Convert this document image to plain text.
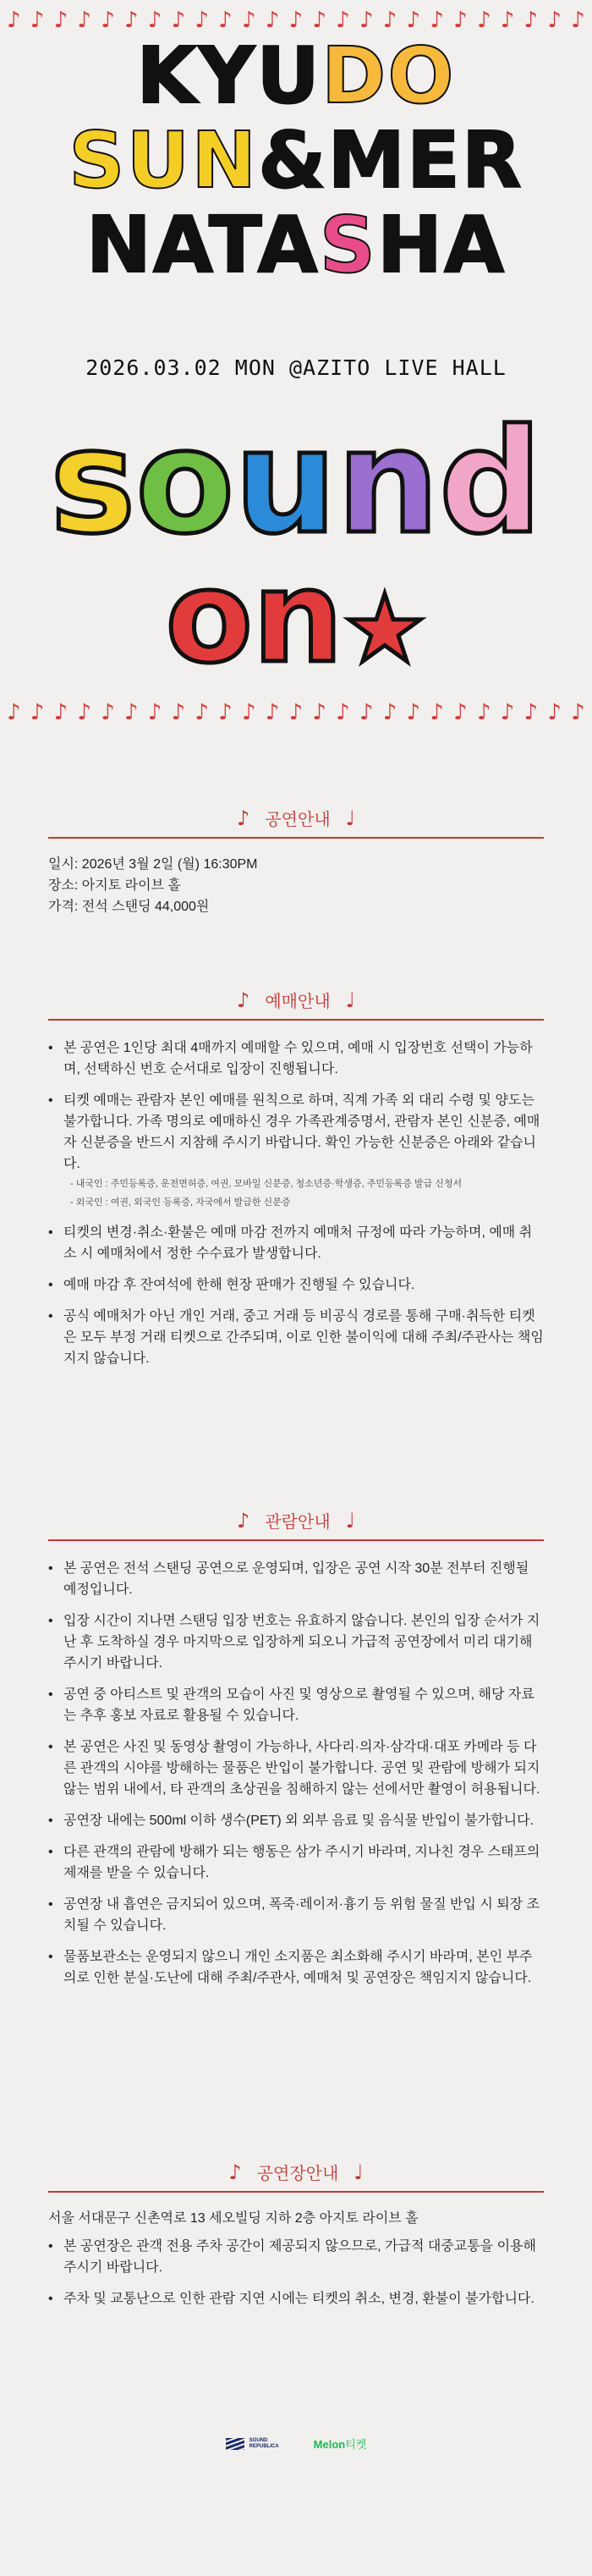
♪ ♪ ♪ ♪ ♪ ♪ ♪ ♪ ♪ ♪ ♪ ♪ ♪ ♪ ♪ ♪ ♪ ♪ ♪ ♪ ♪ ♪ ♪ ♪ ♪
KYUDO
SUN&MER
NATASHA
2026.03.02 MON @AZITO LIVE HALL
sound
on★
♪ ♪ ♪ ♪ ♪ ♪ ♪ ♪ ♪ ♪ ♪ ♪ ♪ ♪ ♪ ♪ ♪ ♪ ♪ ♪ ♪ ♪ ♪ ♪ ♪
♪ 공연안내 ♩

일시: 2026년 3월 2일 (월) 16:30PM

장소: 아지토 라이브 홀

가격: 전석 스탠딩 44,000원

♪ 예매안내 ♩
• 본 공연은 1인당 최대 4매까지 예매할 수 있으며, 예매 시 입장번호 선택이 가능하며, 선택하신 번호 순서대로 입장이 진행됩니다.
• 티켓 예매는 관람자 본인 예매를 원칙으로 하며, 직계 가족 외 대리 수령 및 양도는 불가합니다. 가족 명의로 예매하신 경우 가족관계증명서, 관람자 본인 신분증, 예매자 신분증을 반드시 지참해 주시기 바랍니다. 확인 가능한 신분증은 아래와 같습니다.
- 내국인 : 주민등록증, 운전면허증, 여권, 모바일 신분증, 청소년증·학생증, 주민등록증 발급 신청서
- 외국인 : 여권, 외국인 등록증, 자국에서 발급한 신분증
• 티켓의 변경·취소·환불은 예매 마감 전까지 예매처 규정에 따라 가능하며, 예매 취소 시 예매처에서 정한 수수료가 발생합니다.
• 예매 마감 후 잔여석에 한해 현장 판매가 진행될 수 있습니다.
• 공식 예매처가 아닌 개인 거래, 중고 거래 등 비공식 경로를 통해 구매·취득한 티켓은 모두 부정 거래 티켓으로 간주되며, 이로 인한 불이익에 대해 주최/주관사는 책임지지 않습니다.
♪ 관람안내 ♩
• 본 공연은 전석 스탠딩 공연으로 운영되며, 입장은 공연 시작 30분 전부터 진행될 예정입니다.
• 입장 시간이 지나면 스탠딩 입장 번호는 유효하지 않습니다. 본인의 입장 순서가 지난 후 도착하실 경우 마지막으로 입장하게 되오니 가급적 공연장에서 미리 대기해 주시기 바랍니다.
• 공연 중 아티스트 및 관객의 모습이 사진 및 영상으로 촬영될 수 있으며, 해당 자료는 추후 홍보 자료로 활용될 수 있습니다.
• 본 공연은 사진 및 동영상 촬영이 가능하나, 사다리·의자·삼각대·대포 카메라 등 다른 관객의 시야를 방해하는 물품은 반입이 불가합니다. 공연 및 관람에 방해가 되지 않는 범위 내에서, 타 관객의 초상권을 침해하지 않는 선에서만 촬영이 허용됩니다.
• 공연장 내에는 500ml 이하 생수(PET) 외 외부 음료 및 음식물 반입이 불가합니다.
• 다른 관객의 관람에 방해가 되는 행동은 삼가 주시기 바라며, 지나친 경우 스태프의 제재를 받을 수 있습니다.
• 공연장 내 흡연은 금지되어 있으며, 폭죽·레이저·흉기 등 위험 물질 반입 시 퇴장 조치될 수 있습니다.
• 물품보관소는 운영되지 않으니 개인 소지품은 최소화해 주시기 바라며, 본인 부주의로 인한 분실·도난에 대해 주최/주관사, 예매처 및 공연장은 책임지지 않습니다.
♪ 공연장안내 ♩
서울 서대문구 신촌역로 13 세오빌딩 지하 2층 아지토 라이브 홀
• 본 공연장은 관객 전용 주차 공간이 제공되지 않으므로, 가급적 대중교통을 이용해 주시기 바랍니다.
• 주차 및 교통난으로 인한 관람 지연 시에는 티켓의 취소, 변경, 환불이 불가합니다.
SOUND REPUBLICA	Melon티켓
